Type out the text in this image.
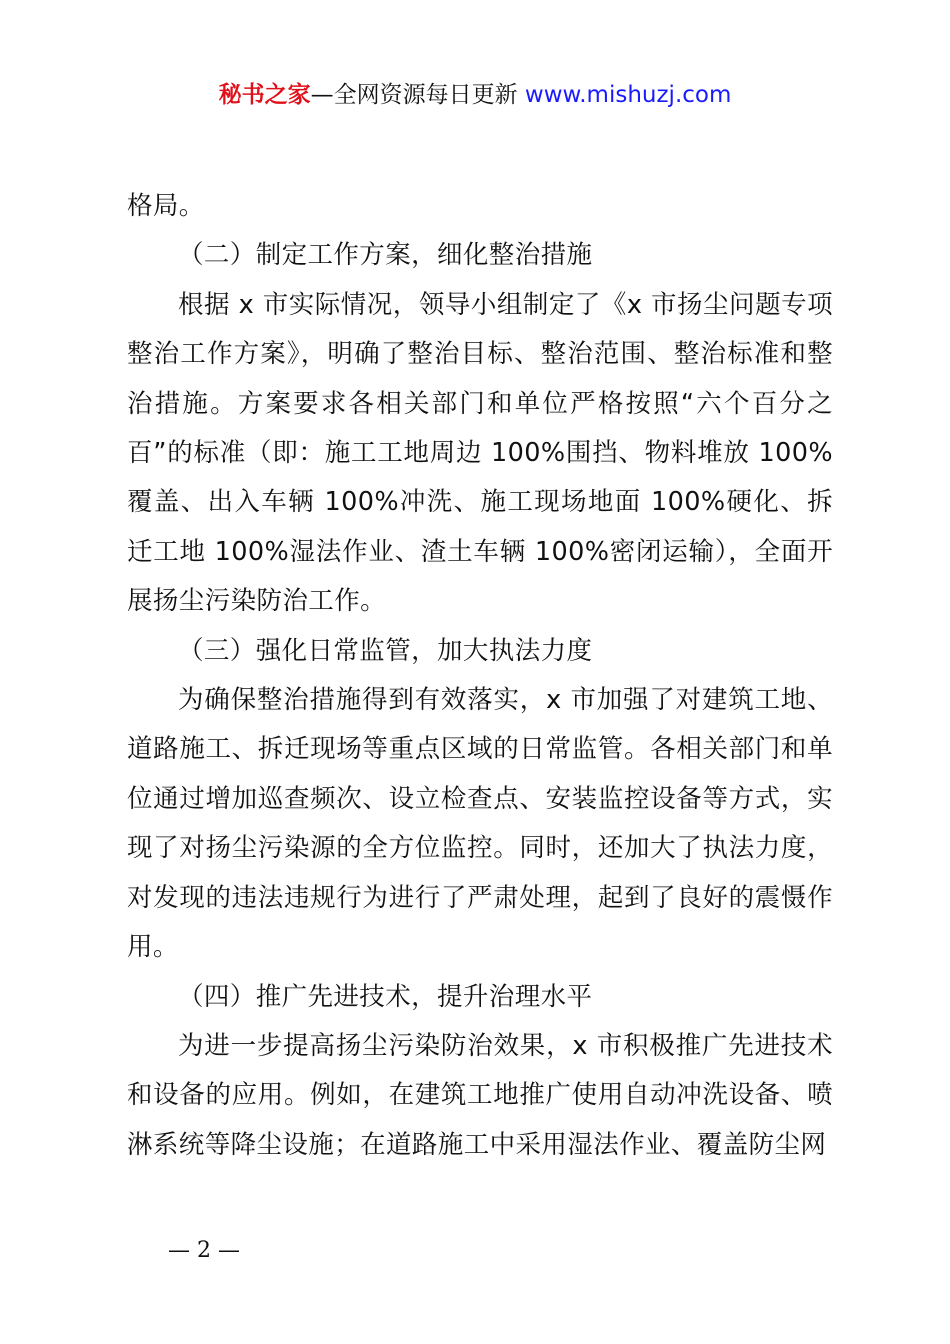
秘书之家—全网资源每日更新 www.mishuzj.com

格局。

（二）制定工作方案，细化整治措施

根据 x 市实际情况，领导小组制定了《x 市扬尘问题专项整治工作方案》，明确了整治目标、整治范围、整治标准和整治措施。方案要求各相关部门和单位严格按照“六个百分之百”的标准（即：施工工地周边 100%围挡、物料堆放 100%覆盖、出入车辆 100%冲洗、施工现场地面 100%硬化、拆迁工地 100%湿法作业、渣土车辆 100%密闭运输），全面开展扬尘污染防治工作。

（三）强化日常监管，加大执法力度

为确保整治措施得到有效落实，x 市加强了对建筑工地、道路施工、拆迁现场等重点区域的日常监管。各相关部门和单位通过增加巡查频次、设立检查点、安装监控设备等方式，实现了对扬尘污染源的全方位监控。同时，还加大了执法力度，对发现的违法违规行为进行了严肃处理，起到了良好的震慑作用。

（四）推广先进技术，提升治理水平

为进一步提高扬尘污染防治效果，x 市积极推广先进技术和设备的应用。例如，在建筑工地推广使用自动冲洗设备、喷淋系统等降尘设施；在道路施工中采用湿法作业、覆盖防尘网

— 2 —
